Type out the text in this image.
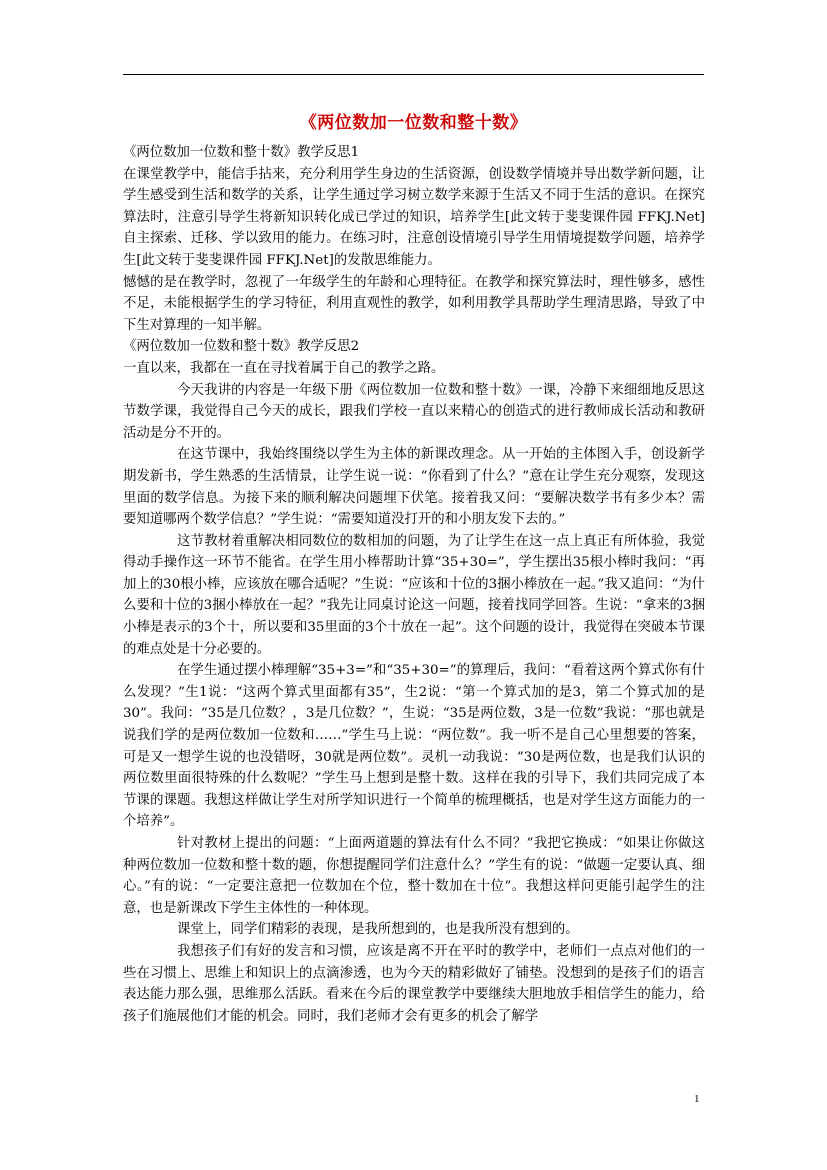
《两位数加一位数和整十数》

《两位数加一位数和整十数》教学反思1

在课堂教学中，能信手拈来，充分利用学生身边的生活资源，创设数学情境并导出数学新问题，让学生感受到生活和数学的关系，让学生通过学习树立数学来源于生活又不同于生活的意识。在探究算法时，注意引导学生将新知识转化成已学过的知识，培养学生[此文转于斐斐课件园 FFKJ.Net]自主探索、迁移、学以致用的能力。在练习时，注意创设情境引导学生用情境提数学问题，培养学生[此文转于斐斐课件园 FFKJ.Net]的发散思维能力。

憾憾的是在教学时，忽视了一年级学生的年龄和心理特征。在教学和探究算法时，理性够多，感性不足，未能根据学生的学习特征，利用直观性的教学，如利用教学具帮助学生理清思路，导致了中下生对算理的一知半解。

《两位数加一位数和整十数》教学反思2

一直以来，我都在一直在寻找着属于自己的教学之路。

今天我讲的内容是一年级下册《两位数加一位数和整十数》一课，冷静下来细细地反思这节数学课，我觉得自己今天的成长，跟我们学校一直以来精心的创造式的进行教师成长活动和教研活动是分不开的。

在这节课中，我始终围绕以学生为主体的新课改理念。从一开始的主体图入手，创设新学期发新书，学生熟悉的生活情景，让学生说一说：“你看到了什么？”意在让学生充分观察，发现这里面的数学信息。为接下来的顺利解决问题埋下伏笔。接着我又问：“要解决数学书有多少本？需要知道哪两个数学信息？”学生说：“需要知道没打开的和小朋友发下去的。”

这节教材着重解决相同数位的数相加的问题，为了让学生在这一点上真正有所体验，我觉得动手操作这一环节不能省。在学生用小棒帮助计算“35+30=”，学生摆出35根小棒时我问：“再加上的30根小棒，应该放在哪合适呢？”生说：“应该和十位的3捆小棒放在一起。”我又追问：“为什么要和十位的3捆小棒放在一起？”我先让同桌讨论这一问题，接着找同学回答。生说：“拿来的3捆小棒是表示的3个十，所以要和35里面的3个十放在一起”。这个问题的设计，我觉得在突破本节课的难点处是十分必要的。

在学生通过摆小棒理解“35+3=”和“35+30=”的算理后，我问：“看着这两个算式你有什么发现？”生1说：“这两个算式里面都有35”，生2说：“第一个算式加的是3，第二个算式加的是30”。我问：“35是几位数？，3是几位数？”，生说：“35是两位数，3是一位数”我说：“那也就是说我们学的是两位数加一位数和……”学生马上说：“两位数”。我一听不是自己心里想要的答案，可是又一想学生说的也没错呀，30就是两位数”。灵机一动我说：“30是两位数，也是我们认识的两位数里面很特殊的什么数呢？”学生马上想到是整十数。这样在我的引导下，我们共同完成了本节课的课题。我想这样做让学生对所学知识进行一个简单的梳理概括，也是对学生这方面能力的一个培养”。

针对教材上提出的问题：“上面两道题的算法有什么不同？”我把它换成：“如果让你做这种两位数加一位数和整十数的题，你想提醒同学们注意什么？”学生有的说：“做题一定要认真、细心。”有的说：“一定要注意把一位数加在个位，整十数加在十位”。我想这样问更能引起学生的注意，也是新课改下学生主体性的一种体现。

课堂上，同学们精彩的表现，是我所想到的，也是我所没有想到的。

我想孩子们有好的发言和习惯，应该是离不开在平时的教学中，老师们一点点对他们的一些在习惯上、思维上和知识上的点滴渗透，也为今天的精彩做好了铺垫。没想到的是孩子们的语言表达能力那么强，思维那么活跃。看来在今后的课堂教学中要继续大胆地放手相信学生的能力，给孩子们施展他们才能的机会。同时，我们老师才会有更多的机会了解学

1
